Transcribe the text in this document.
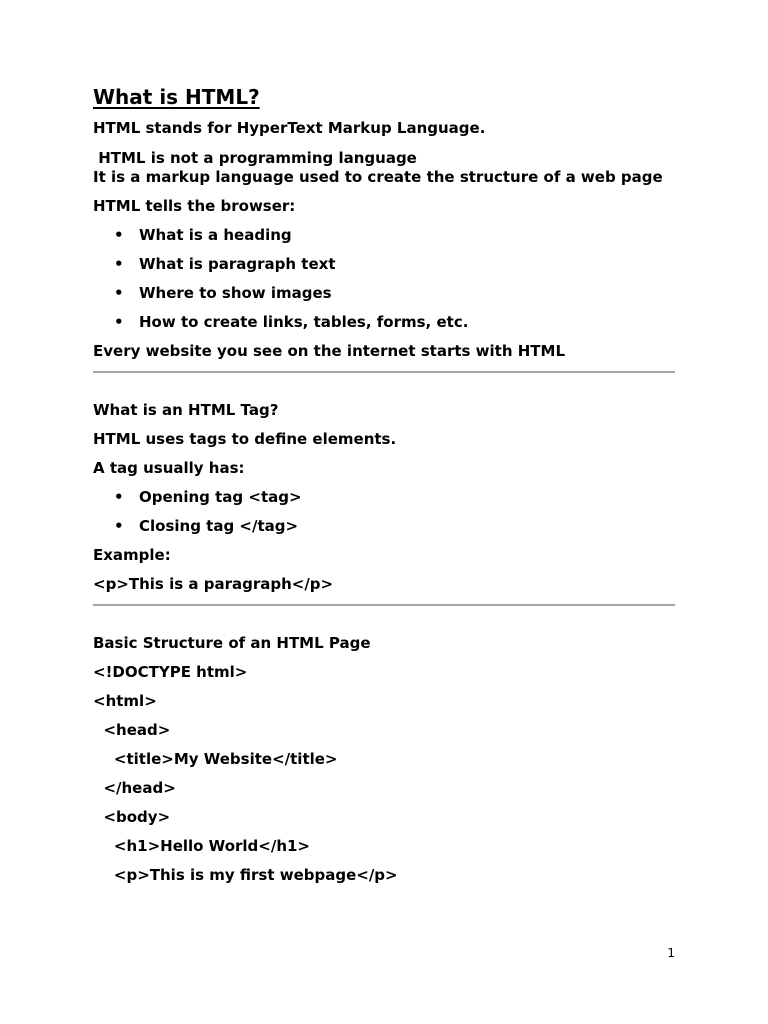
What is HTML?
HTML stands for HyperText Markup Language.
HTML is not a programming language
It is a markup language used to create the structure of a web page
HTML tells the browser:
• What is a heading
• What is paragraph text
• Where to show images
• How to create links, tables, forms, etc.
Every website you see on the internet starts with HTML
What is an HTML Tag?
HTML uses tags to define elements.
A tag usually has:
• Opening tag <tag>
• Closing tag </tag>
Example:
<p>This is a paragraph</p>
Basic Structure of an HTML Page
<!DOCTYPE html>
<html>
<head>
<title>My Website</title>
</head>
<body>
<h1>Hello World</h1>
<p>This is my first webpage</p>
1
